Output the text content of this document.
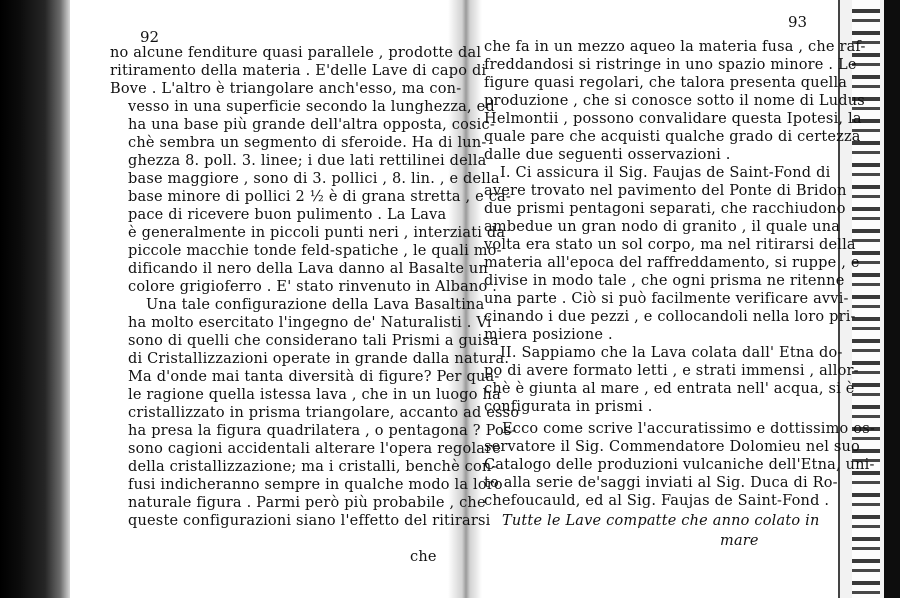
92
no alcune fenditure quasi parallele , prodotte dal
ritiramento della materia . E'delle Lave di capo di
Bove . L'altro è triangolare anch'esso, ma con-
vesso in una superficie secondo la lunghezza, ed
ha una base più grande dell'altra opposta, cosic-
chè sembra un segmento di sferoide. Ha di lun-
ghezza 8. poll. 3. linee; i due lati rettilinei della
base maggiore , sono di 3. pollici , 8. lin. , e della
base minore di pollici 2 ½ è di grana stretta , e ca-
pace di ricevere buon pulimento . La Lava
è generalmente in piccoli punti neri , interziati da
piccole macchie tonde feld-spatiche , le quali mo-
dificando il nero della Lava danno al Basalte un
colore grigioferro . E' stato rinvenuto in Albano .
Una tale configurazione della Lava Basaltina
ha molto esercitato l'ingegno de' Naturalisti . Vi
sono di quelli che considerano tali Prismi a guisa
di Cristallizzazioni operate in grande dalla natura.
Ma d'onde mai tanta diversità di figure? Per qua-
le ragione quella istessa lava , che in un luogo ha
cristallizzato in prisma triangolare, accanto ad esso
ha presa la figura quadrilatera , o pentagona ? Pos-
sono cagioni accidentali alterare l'opera regolare
della cristallizzazione; ma i cristalli, benchè con-
fusi indicheranno sempre in qualche modo la loro
naturale figura . Parmi però più probabile , che
queste configurazioni siano l'effetto del ritirarsi
che
93
che fa in un mezzo aqueo la materia fusa , che raf-
freddandosi si ristringe in uno spazio minore . Le
figure quasi regolari, che talora presenta quella
produzione , che si conosce sotto il nome di Ludus
Helmontii , possono convalidare questa Ipotesi, la
quale pare che acquisti qualche grado di certezza
dalle due seguenti osservazioni .
I. Ci assicura il Sig. Faujas de Saint-Fond di
avere trovato nel pavimento del Ponte di Bridon
due prismi pentagoni separati, che racchiudono
ambedue un gran nodo di granito , il quale una
volta era stato un sol corpo, ma nel ritirarsi della
materia all'epoca del raffreddamento, si ruppe , e
divise in modo tale , che ogni prisma ne ritenne
una parte . Ciò si può facilmente verificare avvi-
cinando i due pezzi , e collocandoli nella loro pri-
miera posizione .
II. Sappiamo che la Lava colata dall' Etna do-
po di avere formato letti , e strati immensi , allor-
chè è giunta al mare , ed entrata nell' acqua, si è
configurata in prismi .
Ecco come scrive l'accuratissimo e dottissimo os-
servatore il Sig. Commendatore Dolomieu nel suo
Catalogo delle produzioni vulcaniche dell'Etna, uni-
to alla serie de'saggi inviati al Sig. Duca di Ro-
chefoucauld, ed al Sig. Faujas de Saint-Fond .
Tutte le Lave compatte che anno colato in
mare
